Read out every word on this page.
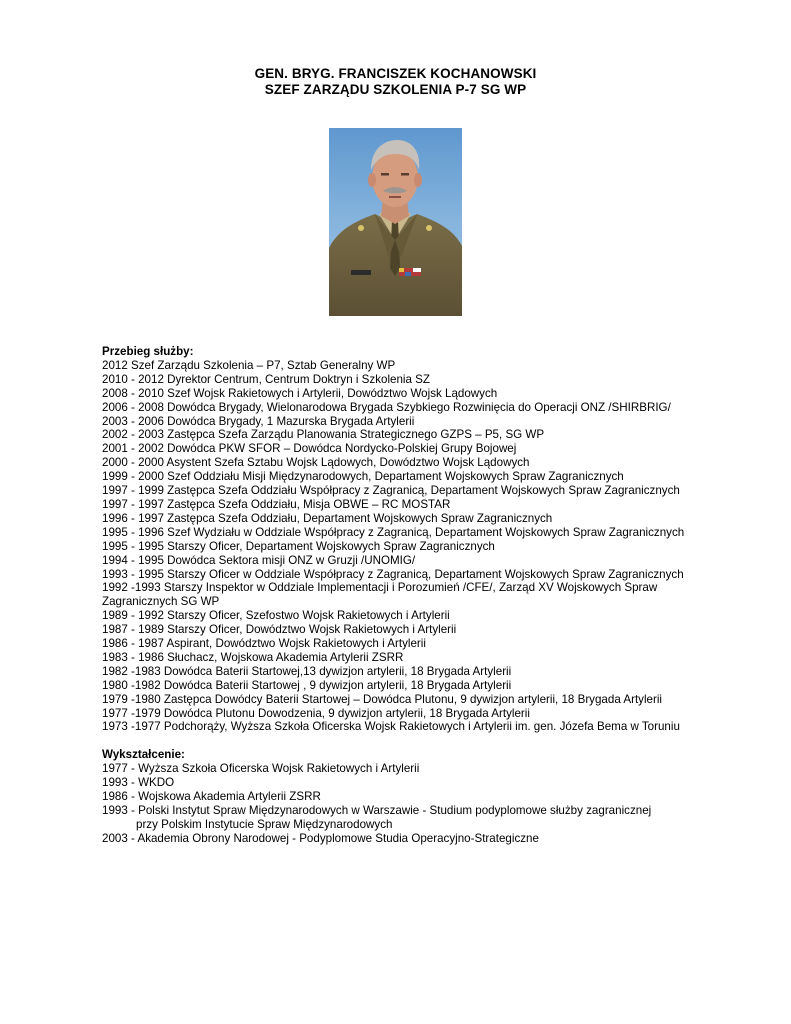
GEN. BRYG. FRANCISZEK KOCHANOWSKI
SZEF ZARZĄDU SZKOLENIA P-7 SG WP
Przebieg służby:
2012 Szef Zarządu Szkolenia – P7, Sztab Generalny WP
2010 - 2012 Dyrektor Centrum, Centrum Doktryn i Szkolenia SZ
2008 - 2010 Szef Wojsk Rakietowych i Artylerii, Dowództwo Wojsk Lądowych
2006 - 2008 Dowódca Brygady, Wielonarodowa Brygada Szybkiego Rozwinięcia do Operacji ONZ /SHIRBRIG/
2003 - 2006 Dowódca Brygady, 1 Mazurska Brygada Artylerii
2002 - 2003 Zastępca Szefa Zarządu Planowania Strategicznego GZPS – P5, SG WP
2001 - 2002 Dowódca PKW SFOR – Dowódca Nordycko-Polskiej Grupy Bojowej
2000 - 2000 Asystent Szefa Sztabu Wojsk Lądowych, Dowództwo Wojsk Lądowych
1999 - 2000 Szef Oddziału Misji Międzynarodowych, Departament Wojskowych Spraw Zagranicznych
1997 - 1999 Zastępca Szefa Oddziału Współpracy z Zagranicą, Departament Wojskowych Spraw Zagranicznych
1997 - 1997 Zastępca Szefa Oddziału, Misja OBWE – RC MOSTAR
1996 - 1997 Zastępca Szefa Oddziału, Departament Wojskowych Spraw Zagranicznych
1995 - 1996 Szef Wydziału w Oddziale Współpracy z Zagranicą, Departament Wojskowych Spraw Zagranicznych
1995 - 1995 Starszy Oficer, Departament Wojskowych Spraw Zagranicznych
1994 - 1995 Dowódca Sektora misji ONZ w Gruzji /UNOMIG/
1993 - 1995 Starszy Oficer w Oddziale Współpracy z Zagranicą, Departament Wojskowych Spraw Zagranicznych
1992 -1993 Starszy Inspektor w Oddziale Implementacji i Porozumień /CFE/, Zarząd XV Wojskowych Spraw Zagranicznych SG WP
1989 - 1992 Starszy Oficer, Szefostwo Wojsk Rakietowych i Artylerii
1987 - 1989 Starszy Oficer, Dowództwo Wojsk Rakietowych i Artylerii
1986 - 1987 Aspirant, Dowództwo Wojsk Rakietowych i Artylerii
1983 - 1986 Słuchacz, Wojskowa Akademia Artylerii ZSRR
1982 -1983 Dowódca Baterii Startowej,13 dywizjon artylerii, 18 Brygada Artylerii
1980 -1982 Dowódca Baterii Startowej , 9 dywizjon artylerii, 18 Brygada Artylerii
1979 -1980 Zastępca Dowódcy Baterii Startowej – Dowódca Plutonu, 9 dywizjon artylerii, 18 Brygada Artylerii
1977 -1979 Dowódca Plutonu Dowodzenia, 9 dywizjon artylerii, 18 Brygada Artylerii
1973 -1977 Podchorąży, Wyższa Szkoła Oficerska Wojsk Rakietowych i Artylerii im. gen. Józefa Bema w Toruniu
Wykształcenie:
1977 - Wyższa Szkoła Oficerska Wojsk Rakietowych i Artylerii
1993 - WKDO
1986 - Wojskowa Akademia Artylerii ZSRR
1993 - Polski Instytut Spraw Międzynarodowych w Warszawie - Studium podyplomowe służby zagranicznej
przy Polskim Instytucie Spraw Międzynarodowych
2003 - Akademia Obrony Narodowej - Podyplomowe Studia Operacyjno-Strategiczne
